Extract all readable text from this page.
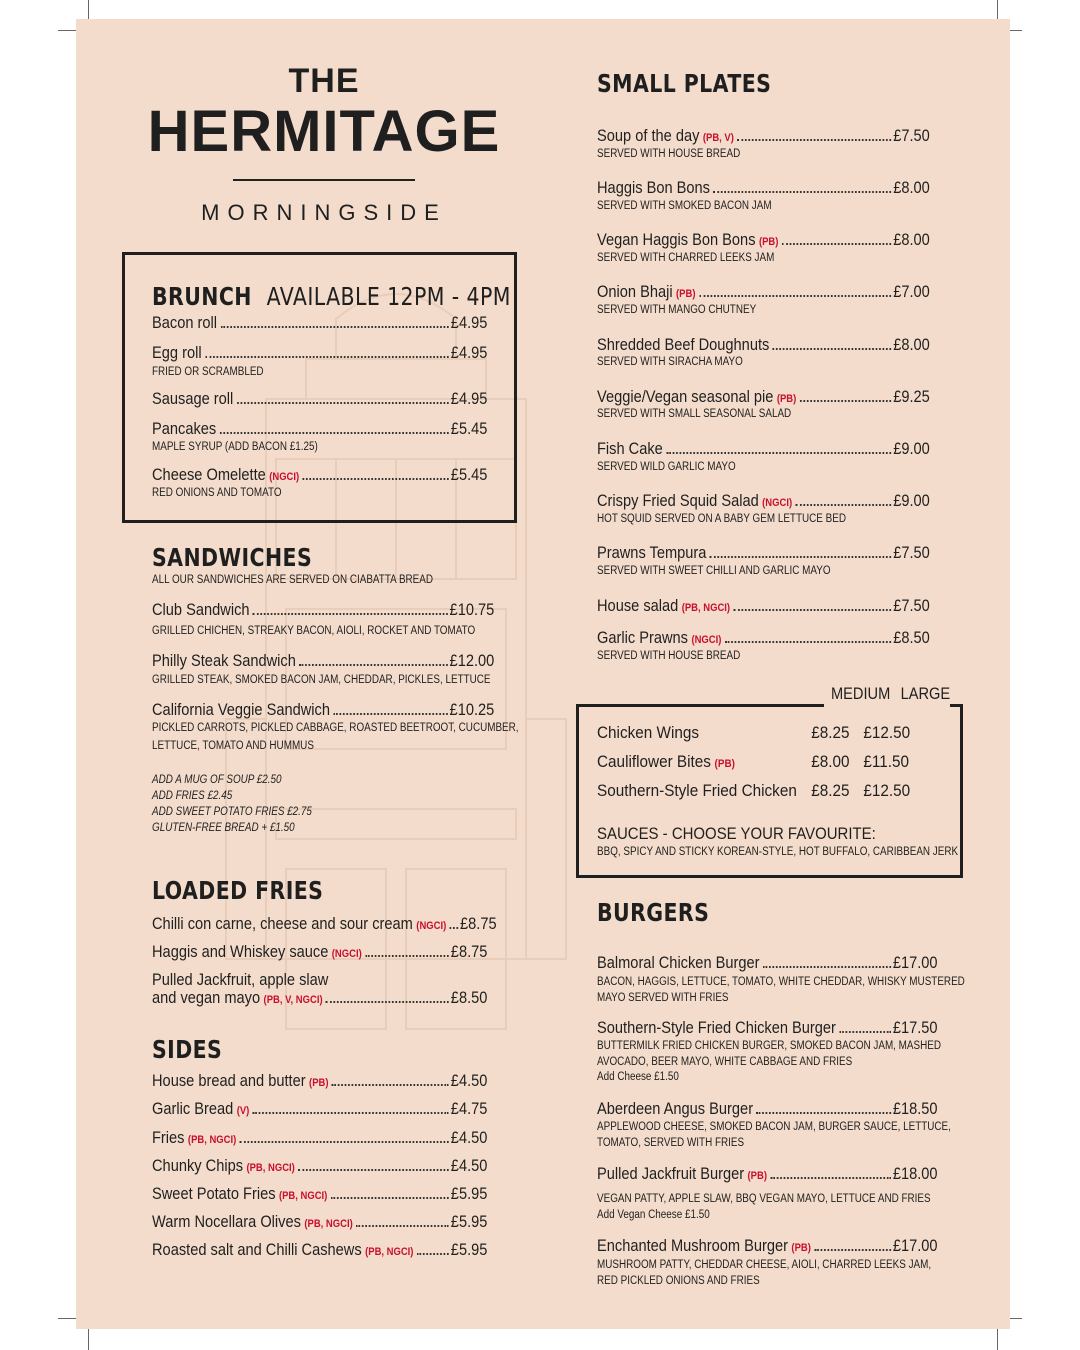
THE
HERMITAGE
MORNINGSIDE
BRUNCH AVAILABLE 12PM - 4PM
Bacon roll	£4.95
Egg roll	£4.95
FRIED OR SCRAMBLED
Sausage roll	£4.95
Pancakes	£5.45
MAPLE SYRUP (ADD BACON £1.25)
Cheese Omelette (NGCI)	£5.45
RED ONIONS AND TOMATO
SANDWICHES
ALL OUR SANDWICHES ARE SERVED ON CIABATTA BREAD
Club Sandwich	£10.75
GRILLED CHICHEN, STREAKY BACON, AIOLI, ROCKET AND TOMATO
Philly Steak Sandwich	£12.00
GRILLED STEAK, SMOKED BACON JAM, CHEDDAR, PICKLES, LETTUCE
California Veggie Sandwich	£10.25
PICKLED CARROTS, PICKLED CABBAGE, ROASTED BEETROOT, CUCUMBER,
LETTUCE, TOMATO AND HUMMUS
ADD A MUG OF SOUP £2.50
ADD FRIES £2.45
ADD SWEET POTATO FRIES £2.75
GLUTEN-FREE BREAD + £1.50
LOADED FRIES
Chilli con carne, cheese and sour cream (NGCI) £8.75
Haggis and Whiskey sauce (NGCI)	£8.75
Pulled Jackfruit, apple slaw
and vegan mayo (PB, V, NGCI)	£8.50
SIDES
House bread and butter (PB)	£4.50
Garlic Bread (V)	£4.75
Fries (PB, NGCI)	£4.50
Chunky Chips (PB, NGCI)	£4.50
Sweet Potato Fries (PB, NGCI)	£5.95
Warm Nocellara Olives (PB, NGCI)	£5.95
Roasted salt and Chilli Cashews (PB, NGCI) £5.95
SMALL PLATES
Soup of the day (PB, V)	£7.50
SERVED WITH HOUSE BREAD
Haggis Bon Bons	£8.00
SERVED WITH SMOKED BACON JAM
Vegan Haggis Bon Bons (PB)	£8.00
SERVED WITH CHARRED LEEKS JAM
Onion Bhaji (PB)	£7.00
SERVED WITH MANGO CHUTNEY
Shredded Beef Doughnuts	£8.00
SERVED WITH SIRACHA MAYO
Veggie/Vegan seasonal pie (PB)	£9.25
SERVED WITH SMALL SEASONAL SALAD
Fish Cake	£9.00
SERVED WILD GARLIC MAYO
Crispy Fried Squid Salad (NGCI)	£9.00
HOT SQUID SERVED ON A BABY GEM LETTUCE BED
Prawns Tempura	£7.50
SERVED WITH SWEET CHILLI AND GARLIC MAYO
House salad (PB, NGCI)	£7.50
Garlic Prawns (NGCI)	£8.50
SERVED WITH HOUSE BREAD
MEDIUM LARGE
Chicken Wings	£8.25 £12.50
Cauliflower Bites (PB)	£8.00 £11.50
Southern-Style Fried Chicken £8.25 £12.50
SAUCES - CHOOSE YOUR FAVOURITE:
BBQ, SPICY AND STICKY KOREAN-STYLE, HOT BUFFALO, CARIBBEAN JERK
BURGERS
Balmoral Chicken Burger	£17.00
BACON, HAGGIS, LETTUCE, TOMATO, WHITE CHEDDAR, WHISKY MUSTERED
MAYO SERVED WITH FRIES
Southern-Style Fried Chicken Burger	£17.50
BUTTERMILK FRIED CHICKEN BURGER, SMOKED BACON JAM, MASHED
AVOCADO, BEER MAYO, WHITE CABBAGE AND FRIES
Add Cheese £1.50
Aberdeen Angus Burger	£18.50
APPLEWOOD CHEESE, SMOKED BACON JAM, BURGER SAUCE, LETTUCE,
TOMATO, SERVED WITH FRIES
Pulled Jackfruit Burger (PB)	£18.00
VEGAN PATTY, APPLE SLAW, BBQ VEGAN MAYO, LETTUCE AND FRIES
Add Vegan Cheese £1.50
Enchanted Mushroom Burger (PB)	£17.00
MUSHROOM PATTY, CHEDDAR CHEESE, AIOLI, CHARRED LEEKS JAM,
RED PICKLED ONIONS AND FRIES
